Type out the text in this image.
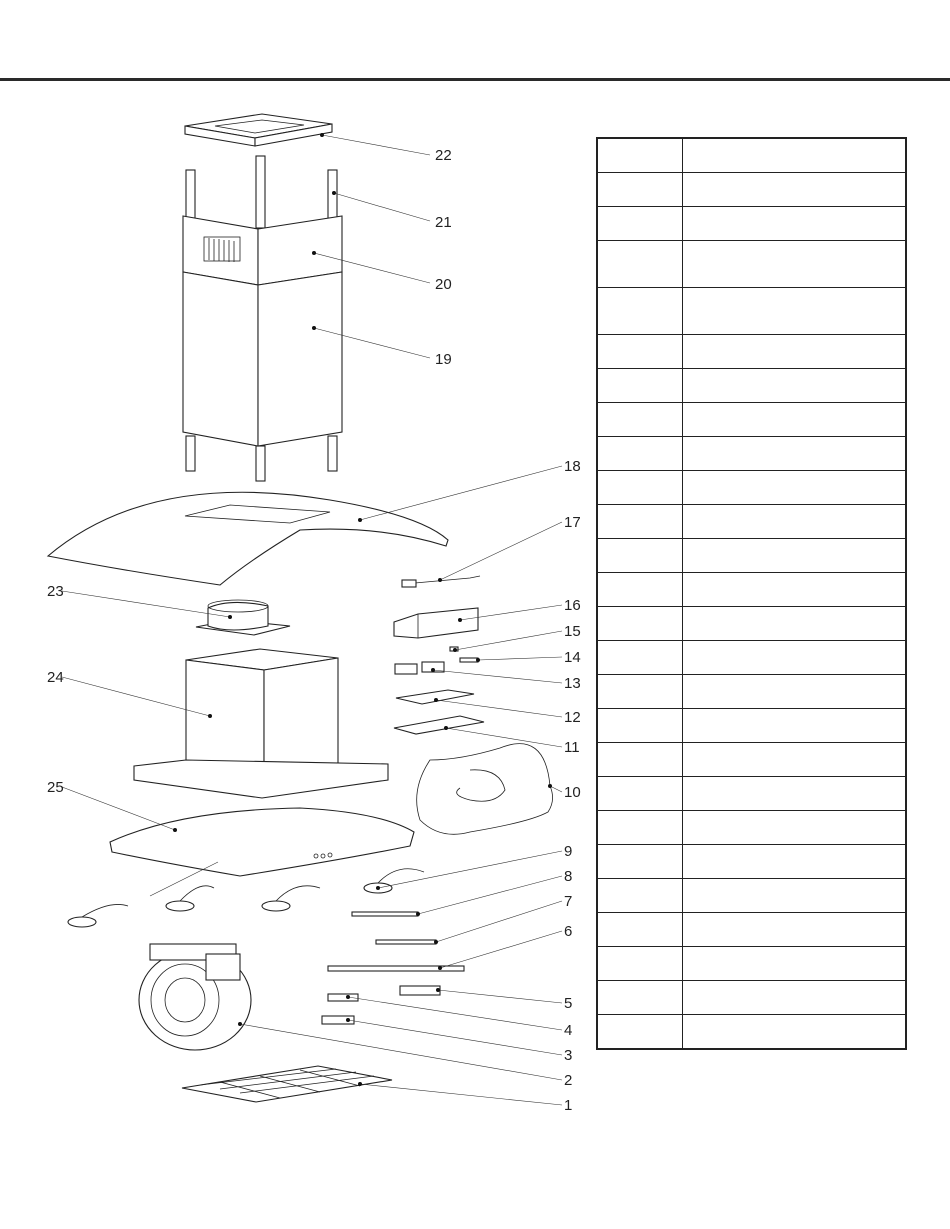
22
21
20
19
18
17
23
16
15
14
24	13
12
11
25	10
9
8
7
6
5
4
3
2
1
